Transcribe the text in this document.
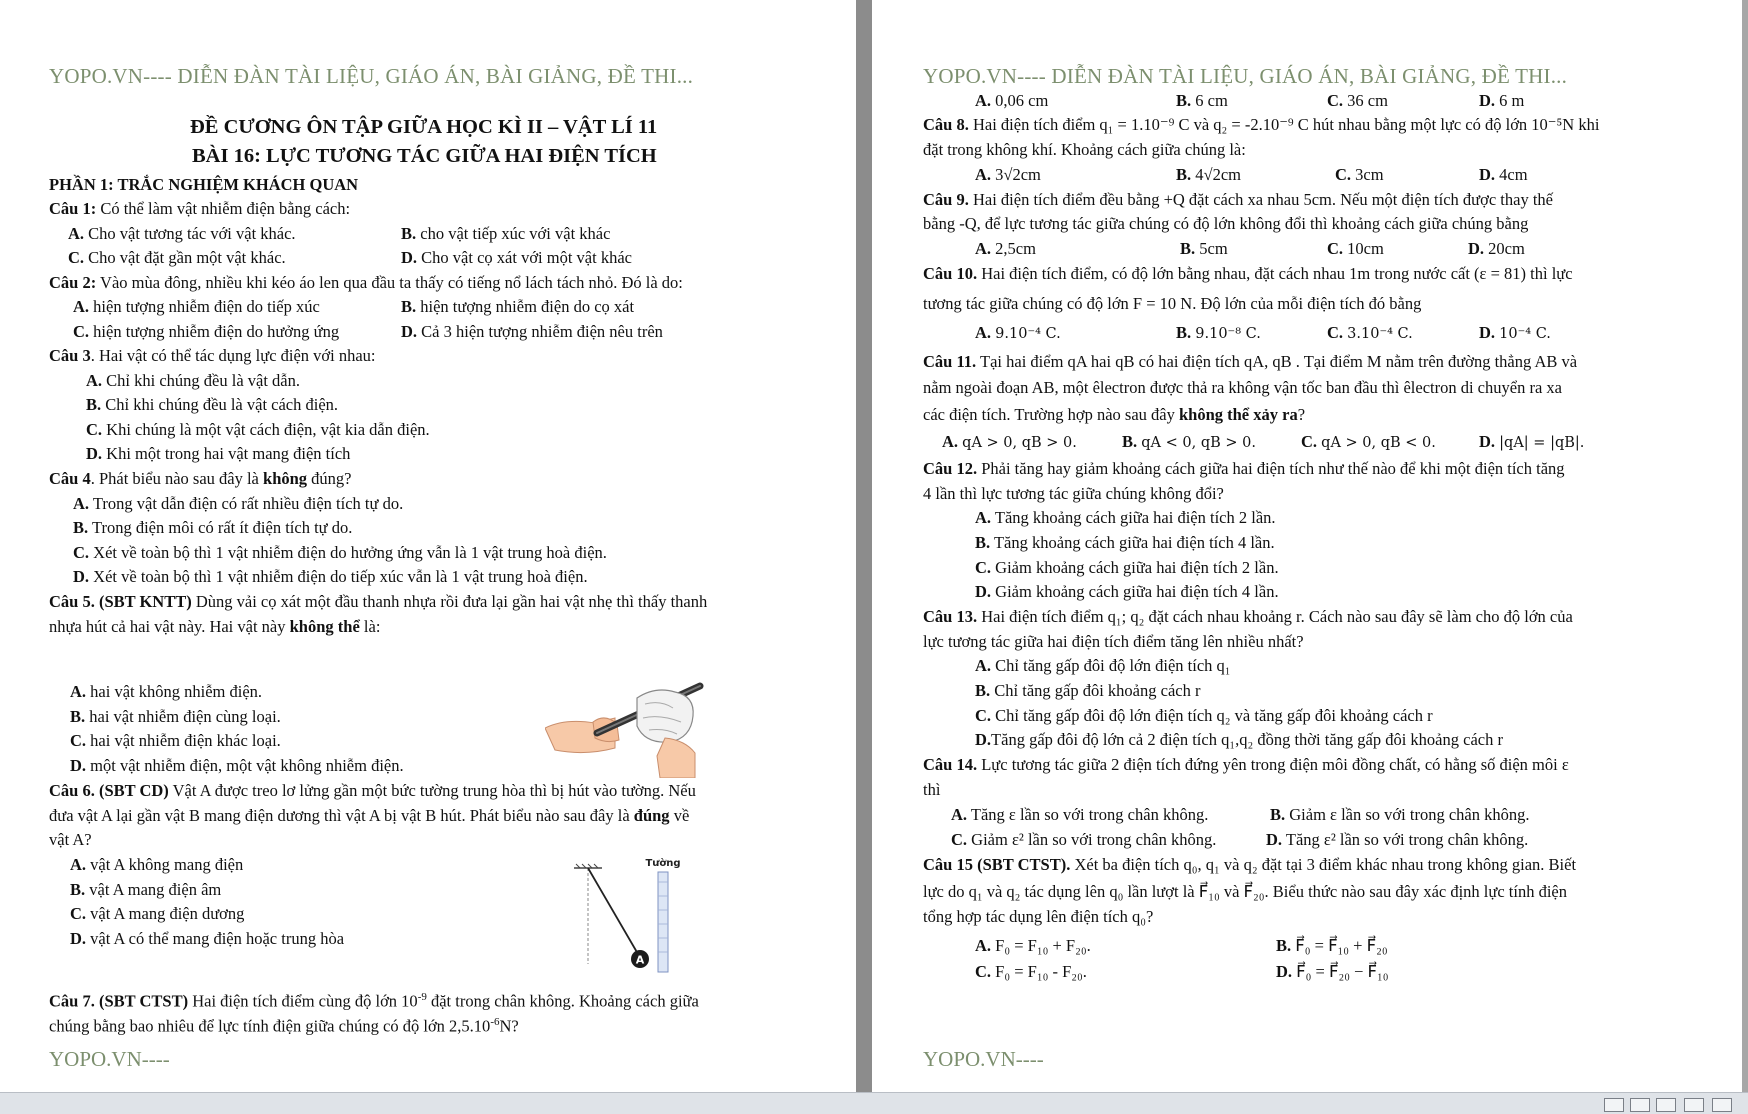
YOPO.VN---- DIỄN ĐÀN TÀI LIỆU, GIÁO ÁN, BÀI GIẢNG, ĐỀ THI...
ĐỀ CƯƠNG ÔN TẬP GIỮA HỌC KÌ II – VẬT LÍ 11
BÀI 16: LỰC TƯƠNG TÁC GIỮA HAI ĐIỆN TÍCH
PHẦN 1: TRẮC NGHIỆM KHÁCH QUAN
Câu 1: Có thể làm vật nhiễm điện bằng cách:
A. Cho vật tương tác với vật khác.	B. cho vật tiếp xúc với vật khác
C. Cho vật đặt gần một vật khác.	D. Cho vật cọ xát với một vật khác
Câu 2: Vào mùa đông, nhiều khi kéo áo len qua đầu ta thấy có tiếng nổ lách tách nhỏ. Đó là do:
A. hiện tượng nhiễm điện do tiếp xúc	B. hiện tượng nhiễm điện do cọ xát
C. hiện tượng nhiễm điện do hưởng ứng	D. Cả 3 hiện tượng nhiễm điện nêu trên
Câu 3. Hai vật có thể tác dụng lực điện với nhau:
A. Chỉ khi chúng đều là vật dẫn.
B. Chỉ khi chúng đều là vật cách điện.
C. Khi chúng là một vật cách điện, vật kia dẫn điện.
D. Khi một trong hai vật mang điện tích
Câu 4. Phát biểu nào sau đây là không đúng?
A. Trong vật dẫn điện có rất nhiều điện tích tự do.
B. Trong điện môi có rất ít điện tích tự do.
C. Xét về toàn bộ thì 1 vật nhiễm điện do hưởng ứng vẫn là 1 vật trung hoà điện.
D. Xét về toàn bộ thì 1 vật nhiễm điện do tiếp xúc vẫn là 1 vật trung hoà điện.
Câu 5. (SBT KNTT) Dùng vải cọ xát một đầu thanh nhựa rồi đưa lại gần hai vật nhẹ thì thấy thanh
nhựa hút cả hai vật này. Hai vật này không thể là:
A. hai vật không nhiễm điện.
B. hai vật nhiễm điện cùng loại.
C. hai vật nhiễm điện khác loại.
D. một vật nhiễm điện, một vật không nhiễm điện.
Câu 6. (SBT CD) Vật A được treo lơ lửng gần một bức tường trung hòa thì bị hút vào tường. Nếu
đưa vật A lại gần vật B mang điện dương thì vật A bị vật B hút. Phát biểu nào sau đây là đúng về
vật A?
A. vật A không mang điện
B. vật A mang điện âm
C. vật A mang điện dương
D. vật A có thể mang điện hoặc trung hòa
A
Tường
Câu 7. (SBT CTST) Hai điện tích điểm cùng độ lớn $10^{-9}$ đặt trong chân không. Khoảng cách giữa
chúng bằng bao nhiêu để lực tính điện giữa chúng có độ lớn $2,5.10^{-6}N$?
YOPO.VN----
YOPO.VN---- DIỄN ĐÀN TÀI LIỆU, GIÁO ÁN, BÀI GIẢNG, ĐỀ THI...
A. 0,06 cm	B. 6 cm	C. 36 cm	D. 6 m
Câu 8. Hai điện tích điểm q₁ = 1.10⁻⁹ C và q₂ = -2.10⁻⁹ C hút nhau bằng một lực có độ lớn 10⁻⁵N khi
đặt trong không khí. Khoảng cách giữa chúng là:
A. 3√2cm	B. 4√2cm	C. 3cm	D. 4cm
Câu 9. Hai điện tích điểm đều bằng +Q đặt cách xa nhau 5cm. Nếu một điện tích được thay thế
bằng -Q, để lực tương tác giữa chúng có độ lớn không đổi thì khoảng cách giữa chúng bằng
A. 2,5cm	B. 5cm	C. 10cm	D. 20cm
Câu 10. Hai điện tích điểm, có độ lớn bằng nhau, đặt cách nhau 1m trong nước cất (ε = 81) thì lực
tương tác giữa chúng có độ lớn F = 10 N. Độ lớn của mỗi điện tích đó bằng
A. 9.10⁻⁴ C.	B. 9.10⁻⁸ C.	C. 3.10⁻⁴ C.	D. 10⁻⁴ C.
Câu 11. Tại hai điểm qA hai qB có hai điện tích qA, qB . Tại điểm M nằm trên đường thẳng AB và
nằm ngoài đoạn AB, một êlectron được thả ra không vận tốc ban đầu thì êlectron di chuyển ra xa
các điện tích. Trường hợp nào sau đây không thể xảy ra?
A. qA > 0, qB > 0.	B. qA < 0, qB > 0.	C. qA > 0, qB < 0.	D. |qA| = |qB|.
Câu 12. Phải tăng hay giảm khoảng cách giữa hai điện tích như thế nào để khi một điện tích tăng
4 lần thì lực tương tác giữa chúng không đổi?
A. Tăng khoảng cách giữa hai điện tích 2 lần.
B. Tăng khoảng cách giữa hai điện tích 4 lần.
C. Giảm khoảng cách giữa hai điện tích 2 lần.
D. Giảm khoảng cách giữa hai điện tích 4 lần.
Câu 13. Hai điện tích điểm q₁; q₂ đặt cách nhau khoảng r. Cách nào sau đây sẽ làm cho độ lớn của
lực tương tác giữa hai điện tích điểm tăng lên nhiều nhất?
A. Chỉ tăng gấp đôi độ lớn điện tích q₁
B. Chỉ tăng gấp đôi khoảng cách r
C. Chỉ tăng gấp đôi độ lớn điện tích q₂ và tăng gấp đôi khoảng cách r
D.Tăng gấp đôi độ lớn cả 2 điện tích q₁,q₂ đồng thời tăng gấp đôi khoảng cách r
Câu 14. Lực tương tác giữa 2 điện tích đứng yên trong điện môi đồng chất, có hằng số điện môi ε
thì
A. Tăng ε lần so với trong chân không.	B. Giảm ε lần so với trong chân không.
C. Giảm ε² lần so với trong chân không.	D. Tăng ε² lần so với trong chân không.
Câu 15 (SBT CTST). Xét ba điện tích q₀, q₁ và q₂ đặt tại 3 điểm khác nhau trong không gian. Biết
lực do q₁ và q₂ tác dụng lên q₀ lần lượt là F⃗₁₀ và F⃗₂₀. Biểu thức nào sau đây xác định lực tính điện
tổng hợp tác dụng lên điện tích q₀?
A. F₀ = F₁₀ + F₂₀.	B. F⃗₀ = F⃗₁₀ + F⃗₂₀
C. F₀ = F₁₀ - F₂₀.	D. F⃗₀ = F⃗₂₀ − F⃗₁₀
YOPO.VN----
